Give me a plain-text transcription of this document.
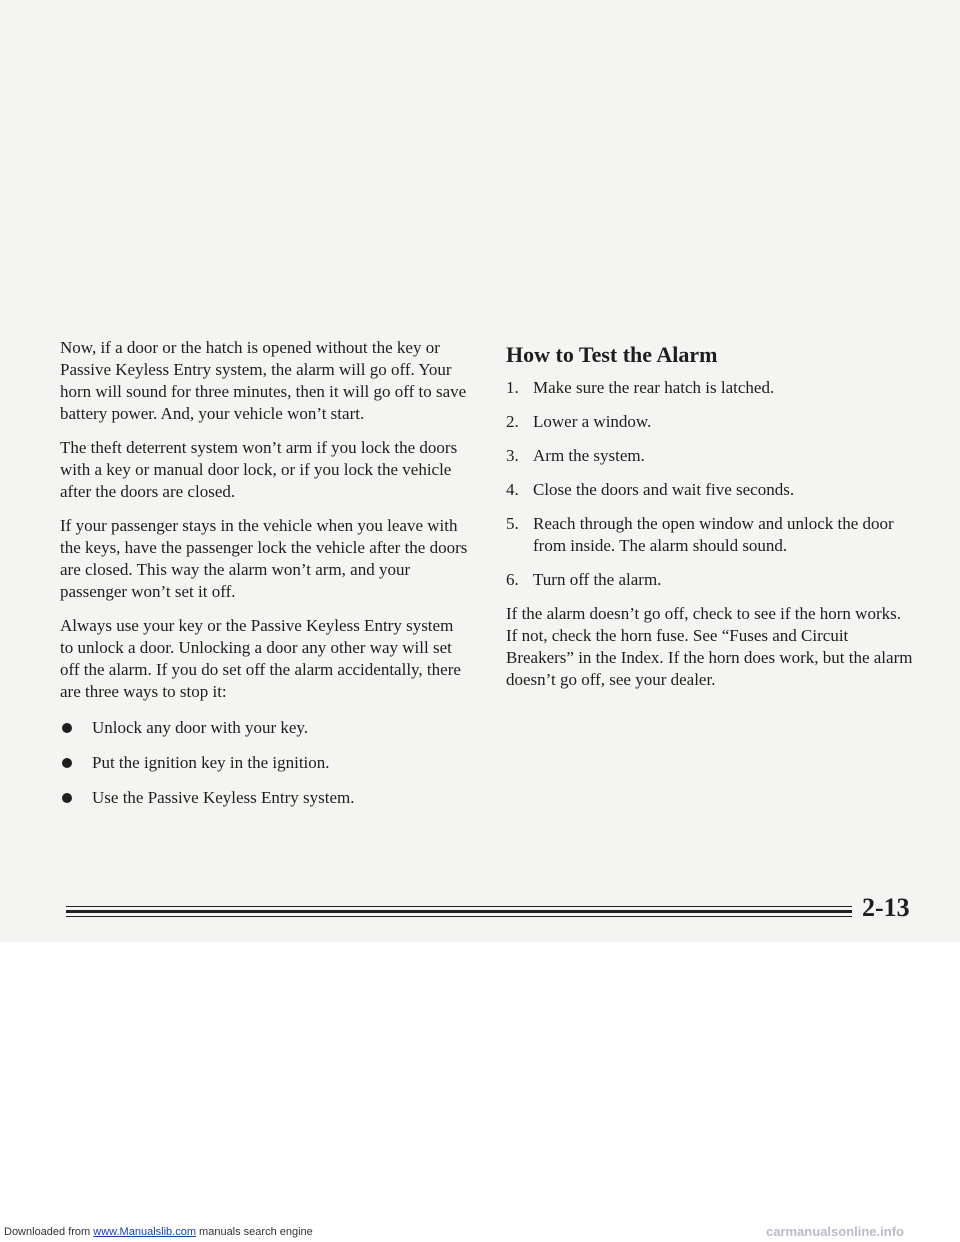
Now, if a door or the hatch is opened without the key or Passive Keyless Entry system, the alarm will go off. Your horn will sound for three minutes, then it will go off to save battery power. And, your vehicle won’t start.

The theft deterrent system won’t arm if you lock the doors with a key or manual door lock, or if you lock the vehicle after the doors are closed.

If your passenger stays in the vehicle when you leave with the keys, have the passenger lock the vehicle after the doors are closed. This way the alarm won’t arm, and your passenger won’t set it off.

Always use your key or the Passive Keyless Entry system to unlock a door. Unlocking a door any other way will set off the alarm. If you do set off the alarm accidentally, there are three ways to stop it:

Unlock any door with your key.
Put the ignition key in the ignition.
Use the Passive Keyless Entry system.
How to Test the Alarm
1. Make sure the rear hatch is latched.
2. Lower a window.
3. Arm the system.
4. Close the doors and wait five seconds.
5. Reach through the open window and unlock the door from inside. The alarm should sound.
6. Turn off the alarm.

If the alarm doesn’t go off, check to see if the horn works. If not, check the horn fuse. See “Fuses and Circuit Breakers” in the Index. If the horn does work, but the alarm doesn’t go off, see your dealer.

2-13
Downloaded from www.Manualslib.com manuals search engine	carmanualsonline.info
